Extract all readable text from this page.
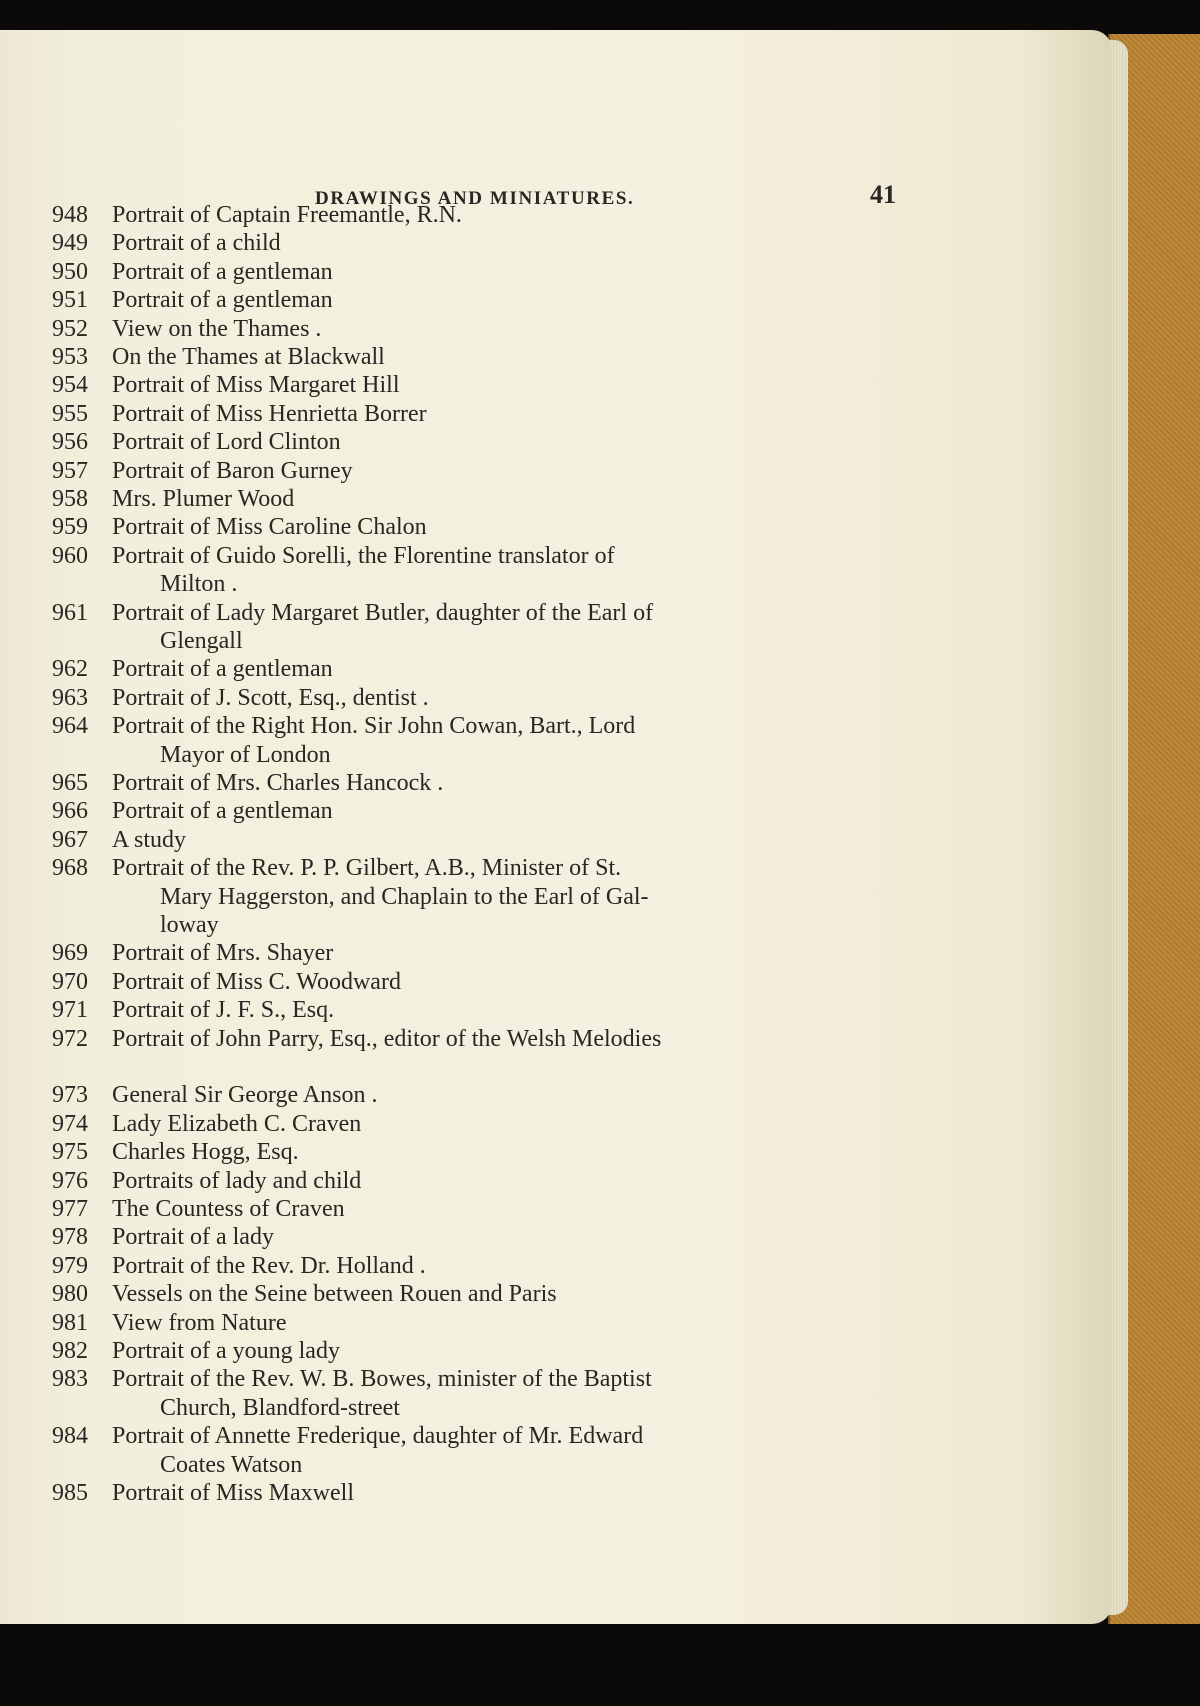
DRAWINGS AND MINIATURES.	41
948 Portrait of Captain Freemantle, R.N.
949 Portrait of a child
950 Portrait of a gentleman
951 Portrait of a gentleman
952 View on the Thames .
953 On the Thames at Blackwall
954 Portrait of Miss Margaret Hill
955 Portrait of Miss Henrietta Borrer
956 Portrait of Lord Clinton
957 Portrait of Baron Gurney
958 Mrs. Plumer Wood
959 Portrait of Miss Caroline Chalon
960 Portrait of Guido Sorelli, the Florentine translator of
Milton .
961 Portrait of Lady Margaret Butler, daughter of the Earl of
Glengall
962 Portrait of a gentleman
963 Portrait of J. Scott, Esq., dentist .
964 Portrait of the Right Hon. Sir John Cowan, Bart., Lord
Mayor of London
965 Portrait of Mrs. Charles Hancock .
966 Portrait of a gentleman
967 A study
968 Portrait of the Rev. P. P. Gilbert, A.B., Minister of St.
Mary Haggerston, and Chaplain to the Earl of Gal-
loway
969 Portrait of Mrs. Shayer
970 Portrait of Miss C. Woodward
971 Portrait of J. F. S., Esq.
972 Portrait of John Parry, Esq., editor of the Welsh Melodies
973 General Sir George Anson .
974 Lady Elizabeth C. Craven
975 Charles Hogg, Esq.
976 Portraits of lady and child
977 The Countess of Craven
978 Portrait of a lady
979 Portrait of the Rev. Dr. Holland .
980 Vessels on the Seine between Rouen and Paris
981 View from Nature
982 Portrait of a young lady
983 Portrait of the Rev. W. B. Bowes, minister of the Baptist
Church, Blandford-street
984 Portrait of Annette Frederique, daughter of Mr. Edward
Coates Watson
985 Portrait of Miss Maxwell
